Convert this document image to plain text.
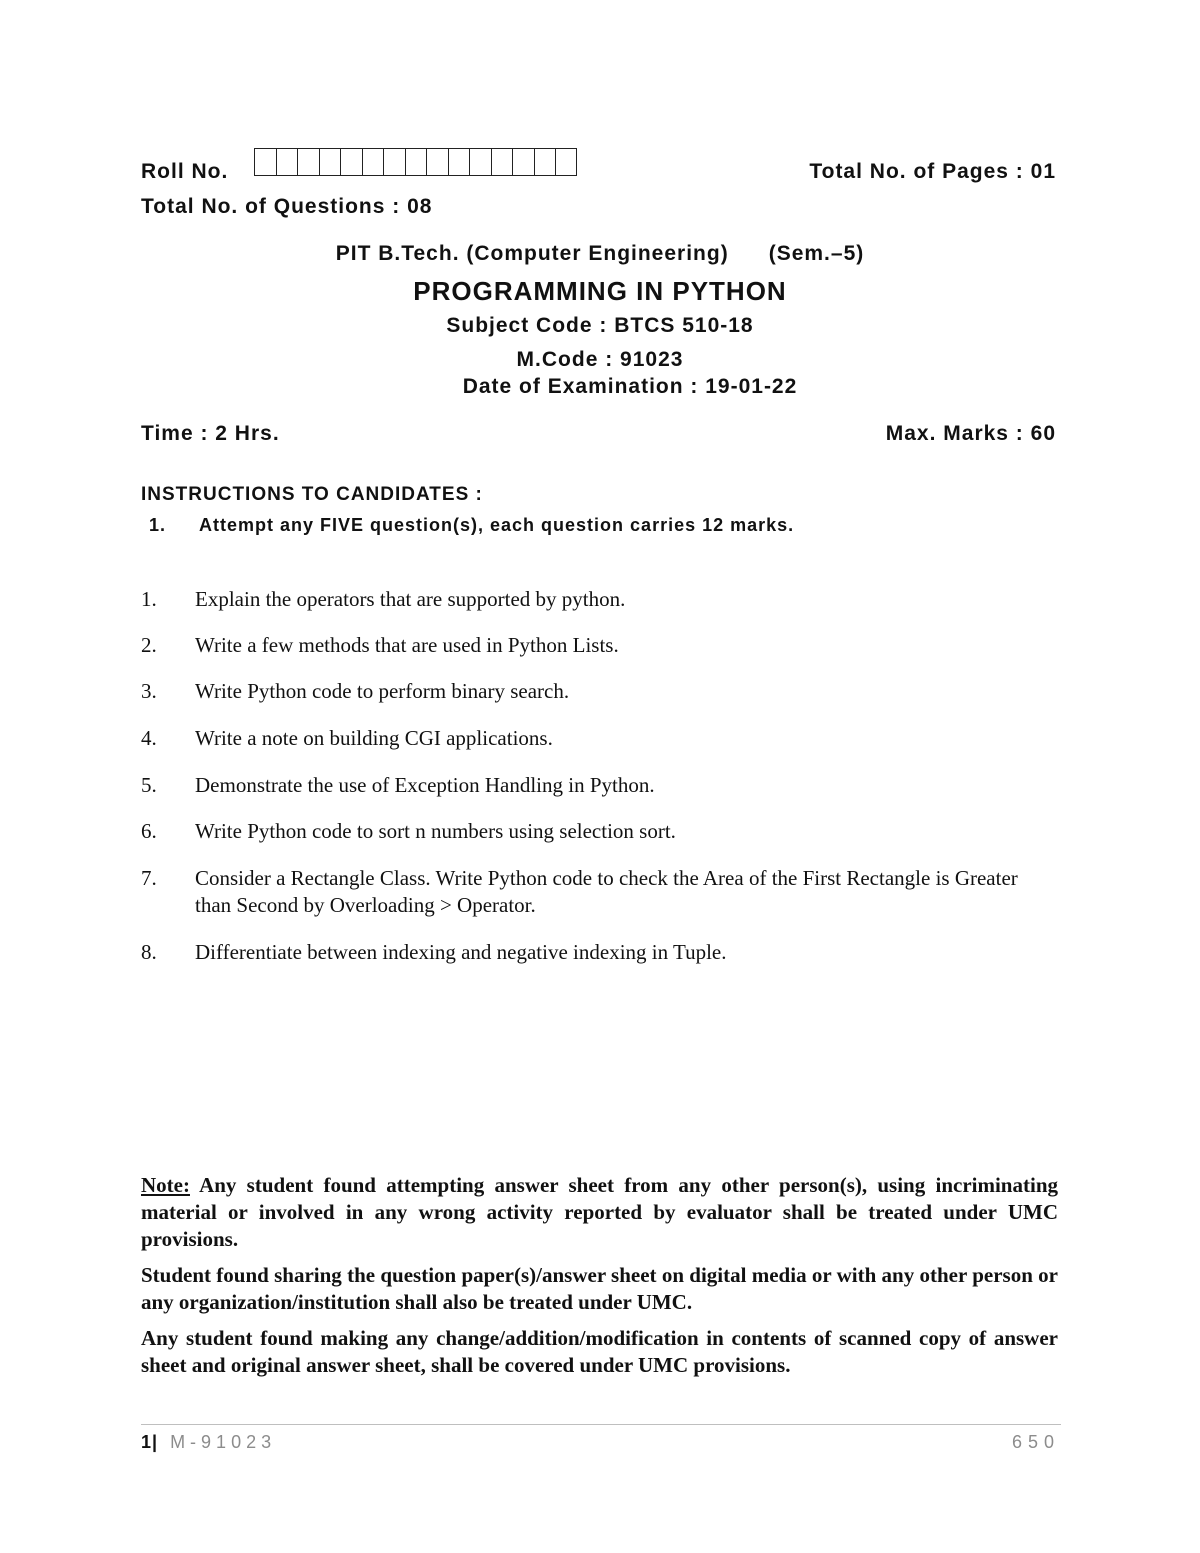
Roll No.	Total No. of Pages : 01
Total No. of Questions : 08
PIT B.Tech. (Computer Engineering) (Sem.–5)
PROGRAMMING IN PYTHON
Subject Code : BTCS 510-18
M.Code : 91023
Date of Examination : 19-01-22
Time : 2 Hrs.	Max. Marks : 60
INSTRUCTIONS TO CANDIDATES :
1. Attempt any FIVE question(s), each question carries 12 marks.
1.	Explain the operators that are supported by python.
2.	Write a few methods that are used in Python Lists.
3.	Write Python code to perform binary search.
4.	Write a note on building CGI applications.
5.	Demonstrate the use of Exception Handling in Python.
6.	Write Python code to sort n numbers using selection sort.
7.	Consider a Rectangle Class. Write Python code to check the Area of the First Rectangle is Greater than Second by Overloading > Operator.
8.	Differentiate between indexing and negative indexing in Tuple.

Note: Any student found attempting answer sheet from any other person(s), using incriminating material or involved in any wrong activity reported by evaluator shall be treated under UMC provisions.

Student found sharing the question paper(s)/answer sheet on digital media or with any other person or any organization/institution shall also be treated under UMC.

Any student found making any change/addition/modification in contents of scanned copy of answer sheet and original answer sheet, shall be covered under UMC provisions.

1| M-91023	650
